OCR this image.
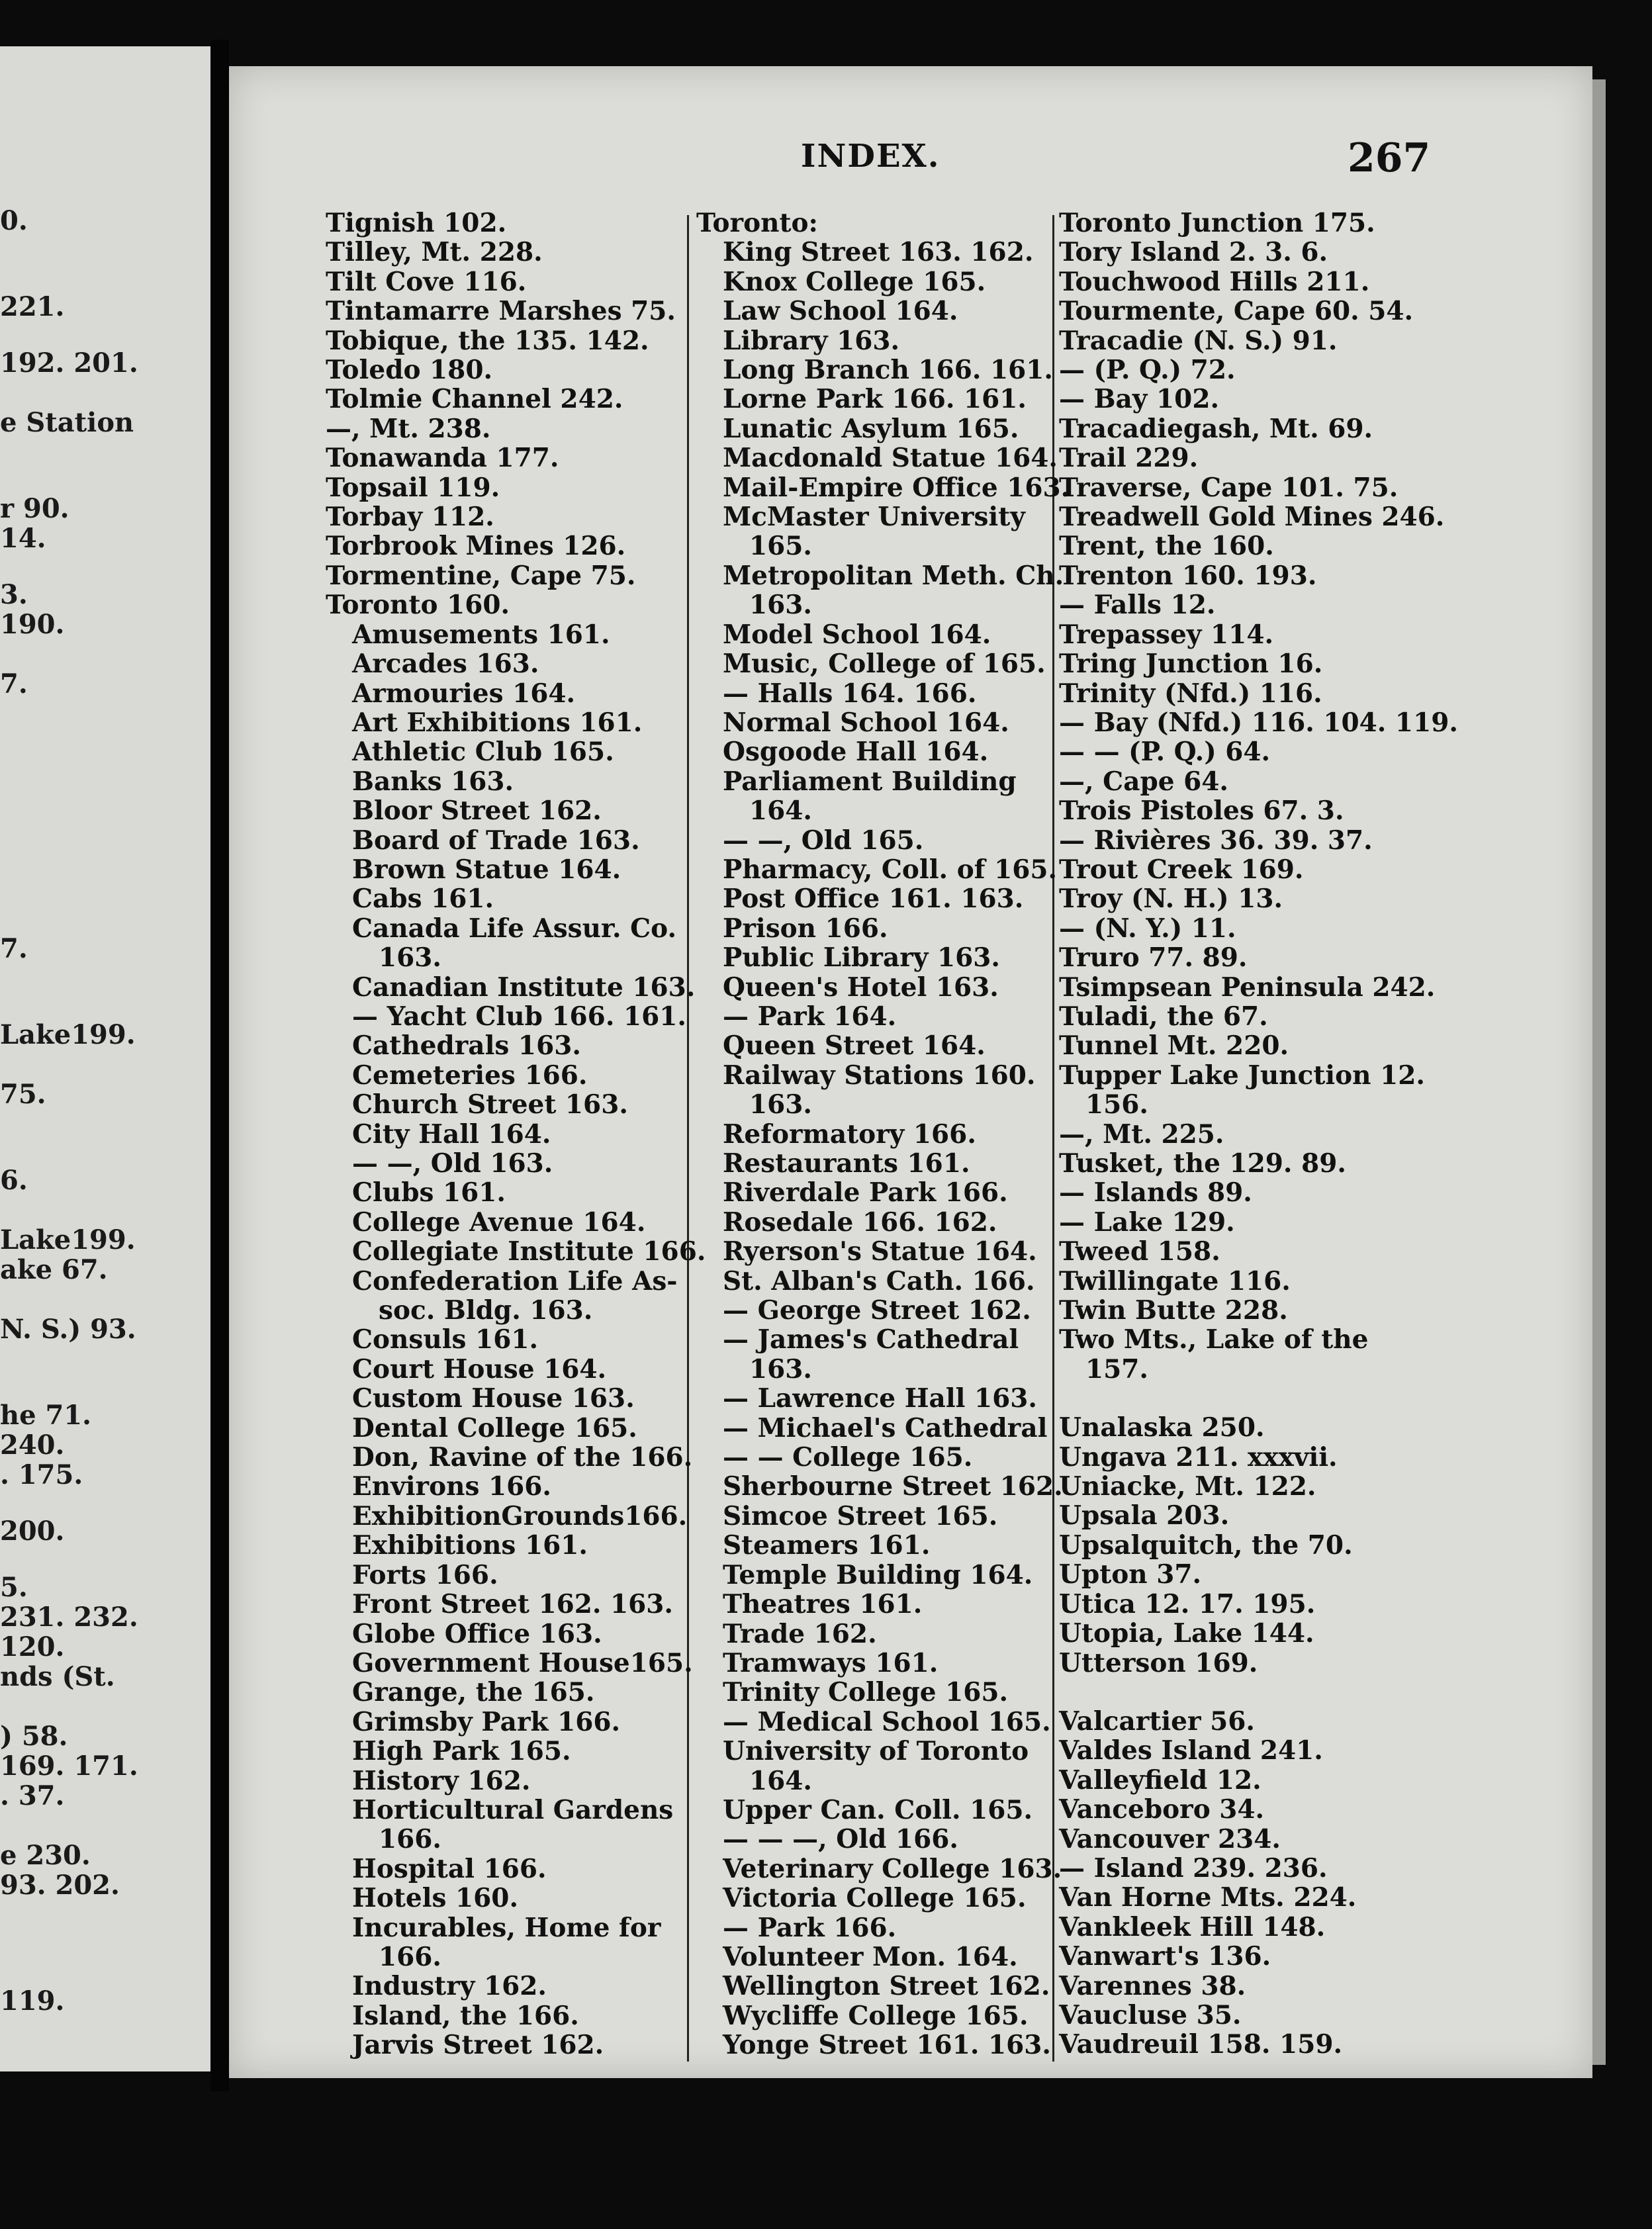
0.
221.
192. 201.
e Station
r 90.
14.
3.
190.
7.
7.
Lake199.
75.
6.
Lake199.
ake 67.
N. S.) 93.
he 71.
240.
. 175.
200.
5.
231. 232.
120.
nds (St.
) 58.
169. 171.
. 37.
e 230.
93. 202.
119.
INDEX.	267
Tignish 102.
Tilley, Mt. 228.
Tilt Cove 116.
Tintamarre Marshes 75.
Tobique, the 135. 142.
Toledo 180.
Tolmie Channel 242.
—, Mt. 238.
Tonawanda 177.
Topsail 119.
Torbay 112.
Torbrook Mines 126.
Tormentine, Cape 75.
Toronto 160.
Amusements 161.
Arcades 163.
Armouries 164.
Art Exhibitions 161.
Athletic Club 165.
Banks 163.
Bloor Street 162.
Board of Trade 163.
Brown Statue 164.
Cabs 161.
Canada Life Assur. Co.
163.
Canadian Institute 163.
— Yacht Club 166. 161.
Cathedrals 163.
Cemeteries 166.
Church Street 163.
City Hall 164.
— —, Old 163.
Clubs 161.
College Avenue 164.
Collegiate Institute 166.
Confederation Life As-
soc. Bldg. 163.
Consuls 161.
Court House 164.
Custom House 163.
Dental College 165.
Don, Ravine of the 166.
Environs 166.
ExhibitionGrounds166.
Exhibitions 161.
Forts 166.
Front Street 162. 163.
Globe Office 163.
Government House165.
Grange, the 165.
Grimsby Park 166.
High Park 165.
History 162.
Horticultural Gardens
166.
Hospital 166.
Hotels 160.
Incurables, Home for
166.
Industry 162.
Island, the 166.
Jarvis Street 162.
Toronto:
King Street 163. 162.
Knox College 165.
Law School 164.
Library 163.
Long Branch 166. 161.
Lorne Park 166. 161.
Lunatic Asylum 165.
Macdonald Statue 164.
Mail-Empire Office 163.
McMaster University
165.
Metropolitan Meth. Ch.
163.
Model School 164.
Music, College of 165.
— Halls 164. 166.
Normal School 164.
Osgoode Hall 164.
Parliament Building
164.
— —, Old 165.
Pharmacy, Coll. of 165.
Post Office 161. 163.
Prison 166.
Public Library 163.
Queen's Hotel 163.
— Park 164.
Queen Street 164.
Railway Stations 160.
163.
Reformatory 166.
Restaurants 161.
Riverdale Park 166.
Rosedale 166. 162.
Ryerson's Statue 164.
St. Alban's Cath. 166.
— George Street 162.
— James's Cathedral
163.
— Lawrence Hall 163.
— Michael's Cathedral
— — College 165.
Sherbourne Street 162.
Simcoe Street 165.
Steamers 161.
Temple Building 164.
Theatres 161.
Trade 162.
Tramways 161.
Trinity College 165.
— Medical School 165.
University of Toronto
164.
Upper Can. Coll. 165.
— — —, Old 166.
Veterinary College 163.
Victoria College 165.
— Park 166.
Volunteer Mon. 164.
Wellington Street 162.
Wycliffe College 165.
Yonge Street 161. 163.
Toronto Junction 175.
Tory Island 2. 3. 6.
Touchwood Hills 211.
Tourmente, Cape 60. 54.
Tracadie (N. S.) 91.
— (P. Q.) 72.
— Bay 102.
Tracadiegash, Mt. 69.
Trail 229.
Traverse, Cape 101. 75.
Treadwell Gold Mines 246.
Trent, the 160.
Trenton 160. 193.
— Falls 12.
Trepassey 114.
Tring Junction 16.
Trinity (Nfd.) 116.
— Bay (Nfd.) 116. 104. 119.
— — (P. Q.) 64.
—, Cape 64.
Trois Pistoles 67. 3.
— Rivières 36. 39. 37.
Trout Creek 169.
Troy (N. H.) 13.
— (N. Y.) 11.
Truro 77. 89.
Tsimpsean Peninsula 242.
Tuladi, the 67.
Tunnel Mt. 220.
Tupper Lake Junction 12.
156.
—, Mt. 225.
Tusket, the 129. 89.
— Islands 89.
— Lake 129.
Tweed 158.
Twillingate 116.
Twin Butte 228.
Two Mts., Lake of the
157.
Unalaska 250.
Ungava 211. xxxvii.
Uniacke, Mt. 122.
Upsala 203.
Upsalquitch, the 70.
Upton 37.
Utica 12. 17. 195.
Utopia, Lake 144.
Utterson 169.
Valcartier 56.
Valdes Island 241.
Valleyfield 12.
Vanceboro 34.
Vancouver 234.
— Island 239. 236.
Van Horne Mts. 224.
Vankleek Hill 148.
Vanwart's 136.
Varennes 38.
Vaucluse 35.
Vaudreuil 158. 159.
